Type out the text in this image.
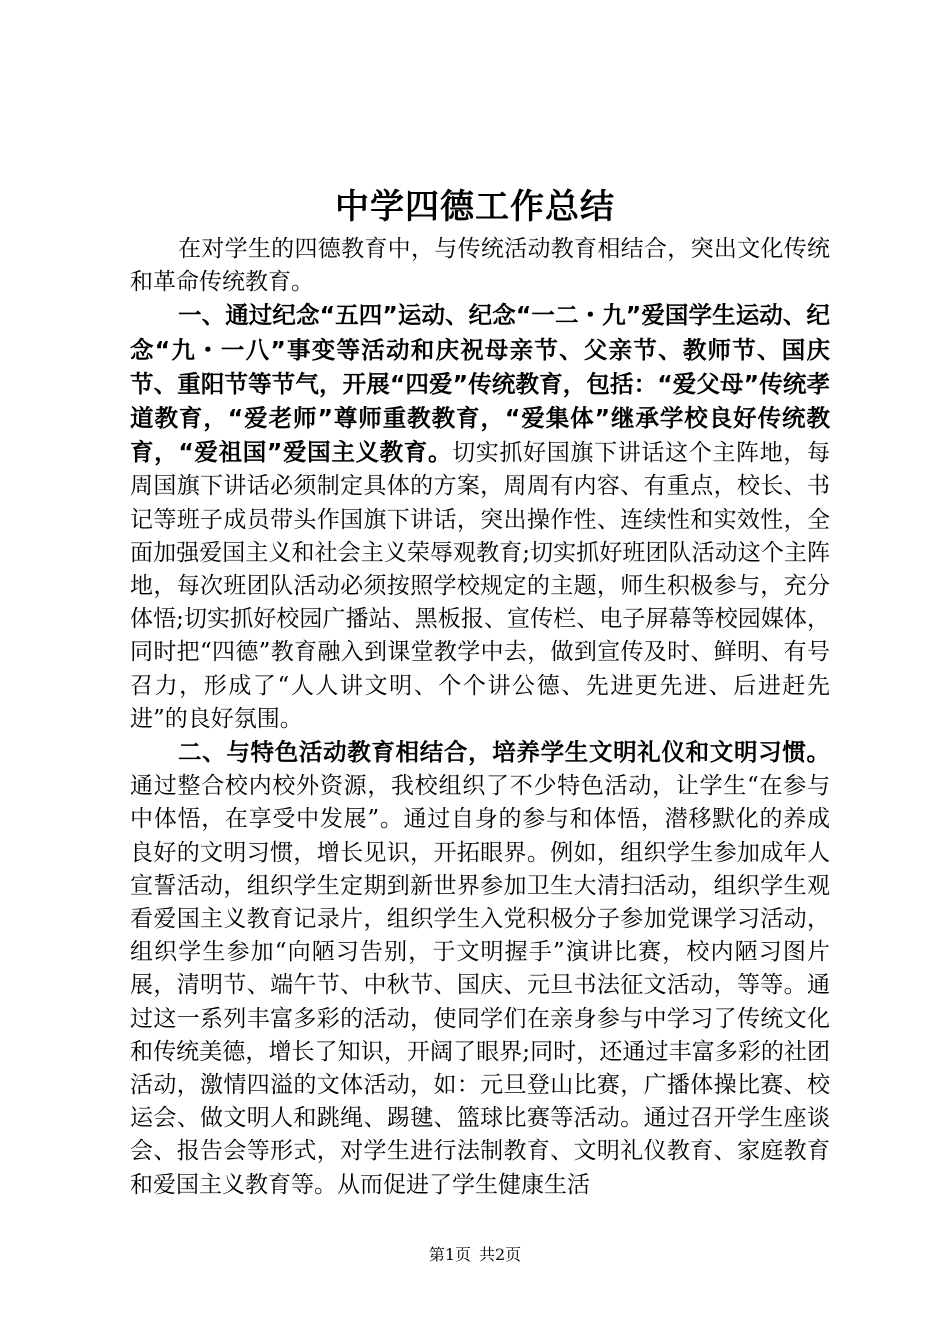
中学四德工作总结

在对学生的四德教育中，与传统活动教育相结合，突出文化传统和革命传统教育。

一、通过纪念“五四”运动、纪念“一二・九”爱国学生运动、纪念“九・一八”事变等活动和庆祝母亲节、父亲节、教师节、国庆节、重阳节等节气，开展“四爱”传统教育，包括：“爱父母”传统孝道教育，“爱老师”尊师重教教育，“爱集体”继承学校良好传统教育，“爱祖国”爱国主义教育。切实抓好国旗下讲话这个主阵地，每周国旗下讲话必须制定具体的方案，周周有内容、有重点，校长、书记等班子成员带头作国旗下讲话，突出操作性、连续性和实效性，全面加强爱国主义和社会主义荣辱观教育;切实抓好班团队活动这个主阵地，每次班团队活动必须按照学校规定的主题，师生积极参与，充分体悟;切实抓好校园广播站、黑板报、宣传栏、电子屏幕等校园媒体，同时把“四德”教育融入到课堂教学中去，做到宣传及时、鲜明、有号召力，形成了“人人讲文明、个个讲公德、先进更先进、后进赶先进”的良好氛围。

二、与特色活动教育相结合，培养学生文明礼仪和文明习惯。通过整合校内校外资源，我校组织了不少特色活动，让学生“在参与中体悟，在享受中发展”。通过自身的参与和体悟，潜移默化的养成良好的文明习惯，增长见识，开拓眼界。例如，组织学生参加成年人宣誓活动，组织学生定期到新世界参加卫生大清扫活动，组织学生观看爱国主义教育记录片，组织学生入党积极分子参加党课学习活动，组织学生参加“向陋习告别，于文明握手”演讲比赛，校内陋习图片展，清明节、端午节、中秋节、国庆、元旦书法征文活动，等等。通过这一系列丰富多彩的活动，使同学们在亲身参与中学习了传统文化和传统美德，增长了知识，开阔了眼界;同时，还通过丰富多彩的社团活动，激情四溢的文体活动，如：元旦登山比赛，广播体操比赛、校运会、做文明人和跳绳、踢毽、篮球比赛等活动。通过召开学生座谈会、报告会等形式，对学生进行法制教育、文明礼仪教育、家庭教育和爱国主义教育等。从而促进了学生健康生活

第1页 共2页
